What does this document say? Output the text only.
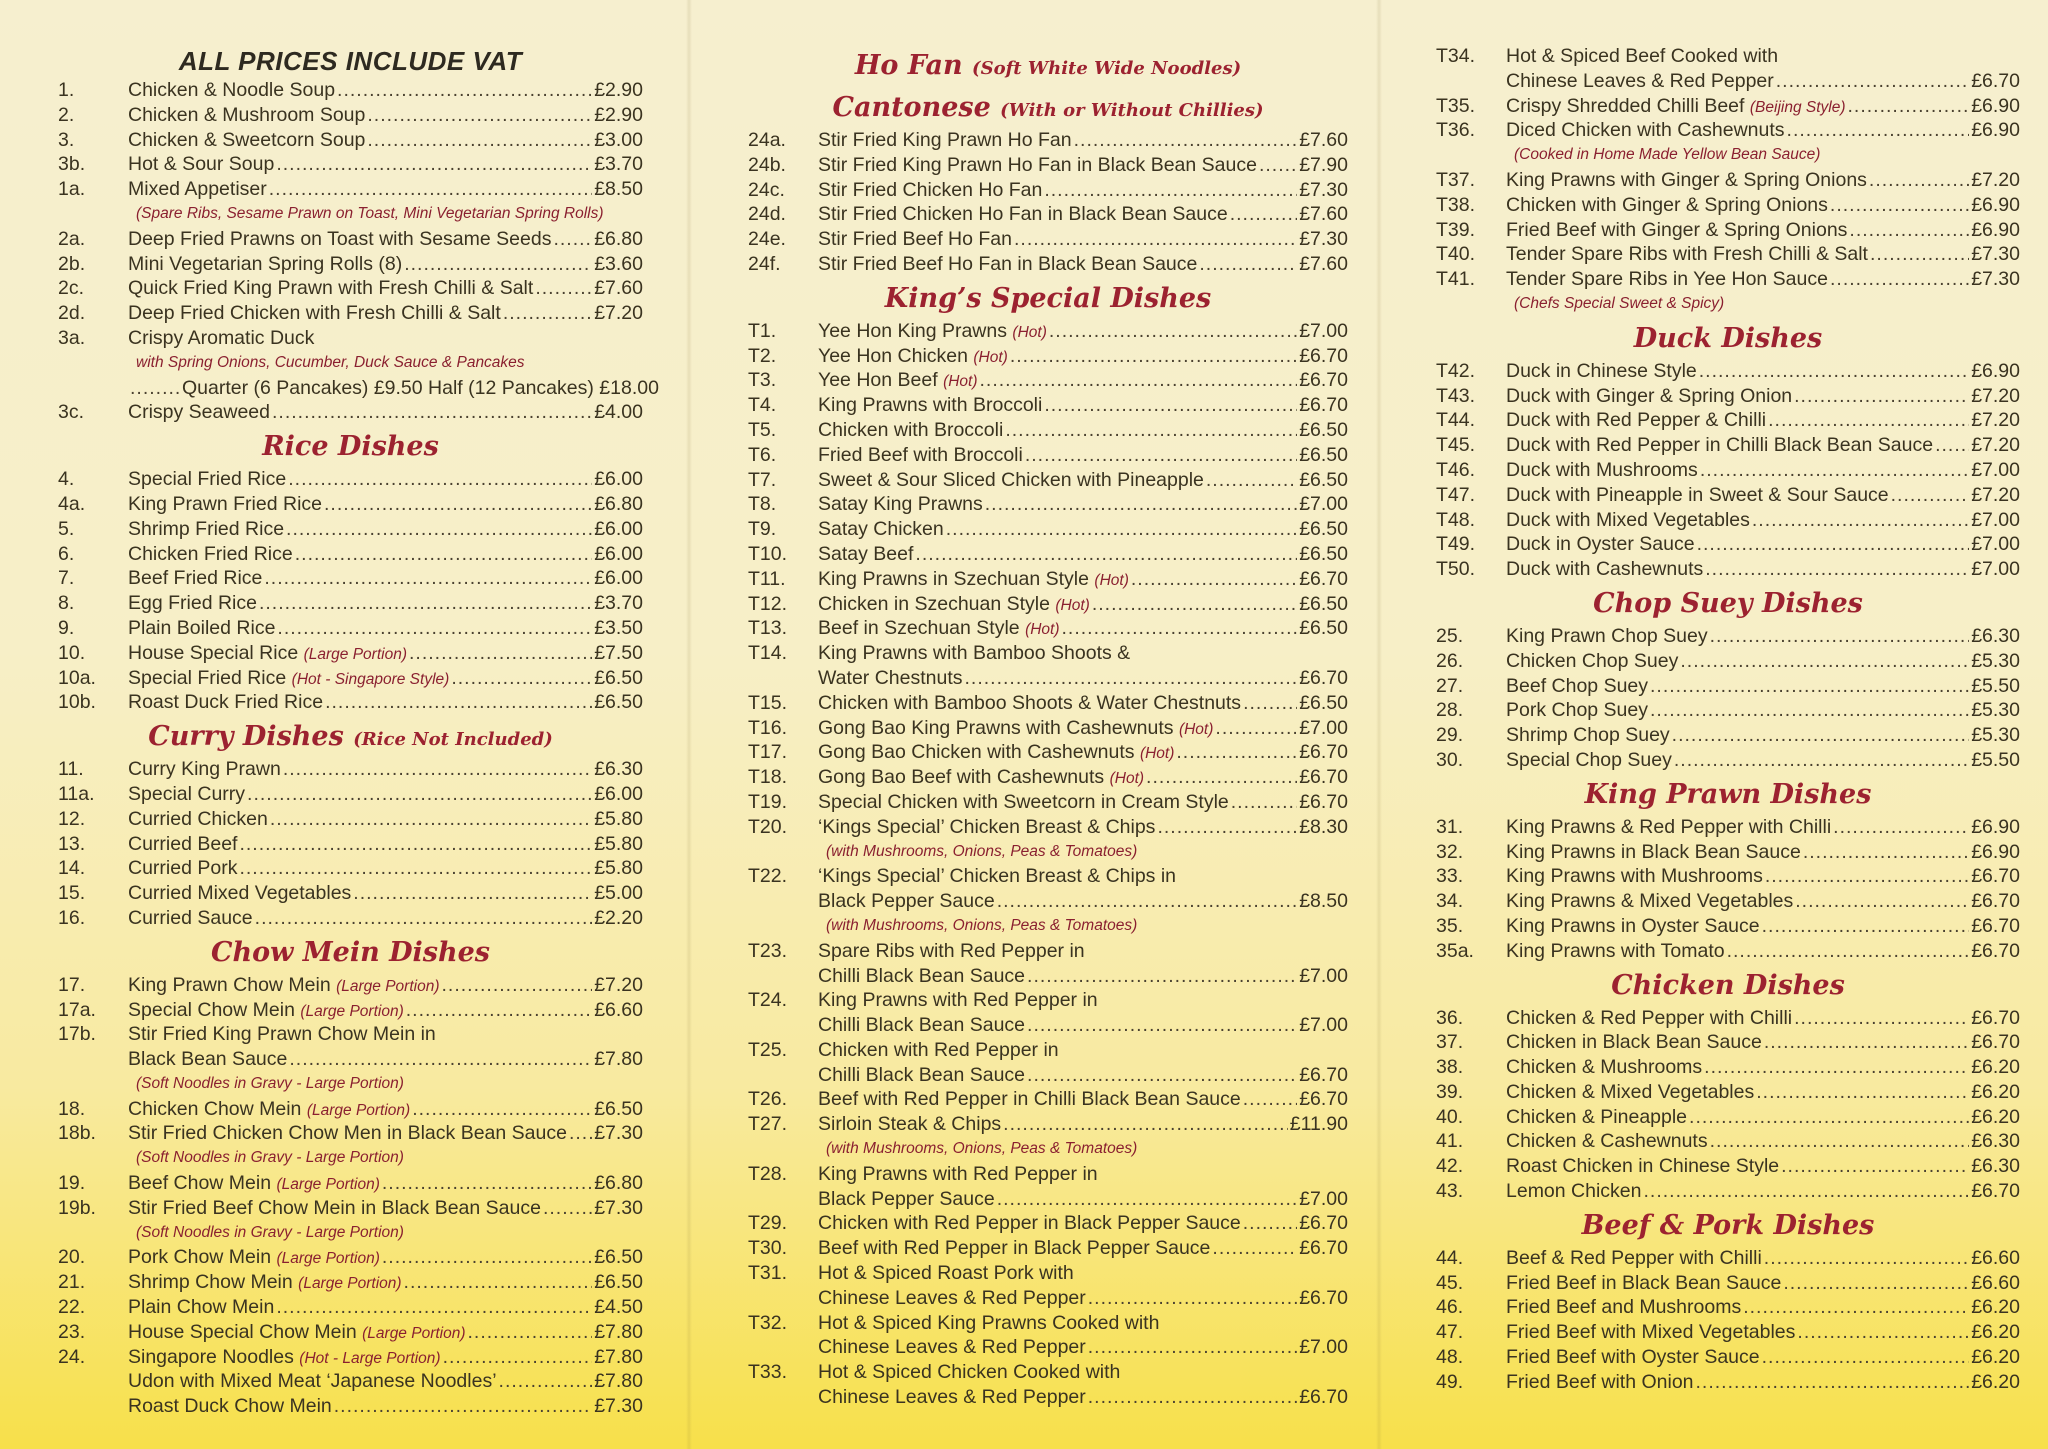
ALL PRICES INCLUDE VAT
1.	Chicken & Noodle Soup .....	£2.90
2.	Chicken & Mushroom Soup .....	£2.90
3.	Chicken & Sweetcorn Soup .....	£3.00
3b.	Hot & Sour Soup .....	£3.70
1a.	Mixed Appetiser .....	£8.50
(Spare Ribs, Sesame Prawn on Toast, Mini Vegetarian Spring Rolls)
2a.	Deep Fried Prawns on Toast with Sesame Seeds ..... £6.80
2b.	Mini Vegetarian Spring Rolls (8) .....	£3.60
2c.	Quick Fried King Prawn with Fresh Chilli & Salt .....	£7.60
2d.	Deep Fried Chicken with Fresh Chilli & Salt .....	£7.20
3a.	Crispy Aromatic Duck
with Spring Onions, Cucumber, Duck Sauce & Pancakes
.....
Quarter (6 Pancakes) £9.50 Half (12 Pancakes) £18.00
3c.	Crispy Seaweed .....	£4.00
Rice Dishes
4.	Special Fried Rice .....	£6.00
4a.	King Prawn Fried Rice .....	£6.80
5.	Shrimp Fried Rice .....	£6.00
6.	Chicken Fried Rice .....	£6.00
7.	Beef Fried Rice .....	£6.00
8.	Egg Fried Rice .....	£3.70
9.	Plain Boiled Rice .....	£3.50
10.	House Special Rice (Large Portion) .....	£7.50
10a.	Special Fried Rice (Hot - Singapore Style) .....	£6.50
10b.	Roast Duck Fried Rice .....	£6.50
Curry Dishes (Rice Not Included)
11.	Curry King Prawn .....	£6.30
11a.	Special Curry .....	£6.00
12.	Curried Chicken .....	£5.80
13.	Curried Beef .....	£5.80
14.	Curried Pork .....	£5.80
15.	Curried Mixed Vegetables .....	£5.00
16.	Curried Sauce .....	£2.20
Chow Mein Dishes
17.	King Prawn Chow Mein (Large Portion) .....	£7.20
17a.	Special Chow Mein (Large Portion) .....	£6.60
17b.	Stir Fried King Prawn Chow Mein in
Black Bean Sauce .....	£7.80
(Soft Noodles in Gravy - Large Portion)
18.	Chicken Chow Mein (Large Portion) .....	£6.50
18b.	Stir Fried Chicken Chow Men in Black Bean Sauce ..... £7.30
(Soft Noodles in Gravy - Large Portion)
19.	Beef Chow Mein (Large Portion) .....	£6.80
19b.	Stir Fried Beef Chow Mein in Black Bean Sauce .....	£7.30
(Soft Noodles in Gravy - Large Portion)
20.	Pork Chow Mein (Large Portion) .....	£6.50
21.	Shrimp Chow Mein (Large Portion) .....	£6.50
22.	Plain Chow Mein .....	£4.50
23.	House Special Chow Mein (Large Portion) .....	£7.80
24.	Singapore Noodles (Hot - Large Portion) .....	£7.80
Udon with Mixed Meat ‘Japanese Noodles’ .....	£7.80
Roast Duck Chow Mein .....	£7.30
Ho Fan (Soft White Wide Noodles)
Cantonese (With or Without Chillies)
24a.	Stir Fried King Prawn Ho Fan .....	£7.60
24b.	Stir Fried King Prawn Ho Fan in Black Bean Sauce ..... £7.90
24c.	Stir Fried Chicken Ho Fan .....	£7.30
24d.	Stir Fried Chicken Ho Fan in Black Bean Sauce .....	£7.60
24e.	Stir Fried Beef Ho Fan .....	£7.30
24f.	Stir Fried Beef Ho Fan in Black Bean Sauce .....	£7.60
King’s Special Dishes
T1.	Yee Hon King Prawns (Hot) .....	£7.00
T2.	Yee Hon Chicken (Hot) .....	£6.70
T3.	Yee Hon Beef (Hot) .....	£6.70
T4.	King Prawns with Broccoli .....	£6.70
T5.	Chicken with Broccoli .....	£6.50
T6.	Fried Beef with Broccoli .....	£6.50
T7.	Sweet & Sour Sliced Chicken with Pineapple .....	£6.50
T8.	Satay King Prawns .....	£7.00
T9.	Satay Chicken .....	£6.50
T10.	Satay Beef .....	£6.50
T11.	King Prawns in Szechuan Style (Hot) .....	£6.70
T12.	Chicken in Szechuan Style (Hot) .....	£6.50
T13.	Beef in Szechuan Style (Hot) .....	£6.50
T14.	King Prawns with Bamboo Shoots &
Water Chestnuts .....	£6.70
T15.	Chicken with Bamboo Shoots & Water Chestnuts .....	£6.50
T16.	Gong Bao King Prawns with Cashewnuts (Hot) .....	£7.00
T17.	Gong Bao Chicken with Cashewnuts (Hot) .....	£6.70
T18.	Gong Bao Beef with Cashewnuts (Hot) .....	£6.70
T19.	Special Chicken with Sweetcorn in Cream Style .....	£6.70
T20.	‘Kings Special’ Chicken Breast & Chips .....	£8.30
(with Mushrooms, Onions, Peas & Tomatoes)
T22.	‘Kings Special’ Chicken Breast & Chips in
Black Pepper Sauce .....	£8.50
(with Mushrooms, Onions, Peas & Tomatoes)
T23.	Spare Ribs with Red Pepper in
Chilli Black Bean Sauce .....	£7.00
T24.	King Prawns with Red Pepper in
Chilli Black Bean Sauce .....	£7.00
T25.	Chicken with Red Pepper in
Chilli Black Bean Sauce .....	£6.70
T26.	Beef with Red Pepper in Chilli Black Bean Sauce .....	£6.70
T27.	Sirloin Steak & Chips .....	£11.90
(with Mushrooms, Onions, Peas & Tomatoes)
T28.	King Prawns with Red Pepper in
Black Pepper Sauce .....	£7.00
T29.	Chicken with Red Pepper in Black Pepper Sauce .....	£6.70
T30.	Beef with Red Pepper in Black Pepper Sauce .....	£6.70
T31.	Hot & Spiced Roast Pork with
Chinese Leaves & Red Pepper .....	£6.70
T32.	Hot & Spiced King Prawns Cooked with
Chinese Leaves & Red Pepper .....	£7.00
T33.	Hot & Spiced Chicken Cooked with
Chinese Leaves & Red Pepper .....	£6.70
T34.	Hot & Spiced Beef Cooked with
Chinese Leaves & Red Pepper .....	£6.70
T35.	Crispy Shredded Chilli Beef (Beijing Style) .....	£6.90
T36.	Diced Chicken with Cashewnuts .....	£6.90
(Cooked in Home Made Yellow Bean Sauce)
T37.	King Prawns with Ginger & Spring Onions .....	£7.20
T38.	Chicken with Ginger & Spring Onions .....	£6.90
T39.	Fried Beef with Ginger & Spring Onions .....	£6.90
T40.	Tender Spare Ribs with Fresh Chilli & Salt .....	£7.30
T41.	Tender Spare Ribs in Yee Hon Sauce .....	£7.30
(Chefs Special Sweet & Spicy)
Duck Dishes
T42.	Duck in Chinese Style .....	£6.90
T43.	Duck with Ginger & Spring Onion .....	£7.20
T44.	Duck with Red Pepper & Chilli .....	£7.20
T45.	Duck with Red Pepper in Chilli Black Bean Sauce ..... £7.20
T46.	Duck with Mushrooms .....	£7.00
T47.	Duck with Pineapple in Sweet & Sour Sauce .....	£7.20
T48.	Duck with Mixed Vegetables .....	£7.00
T49.	Duck in Oyster Sauce .....	£7.00
T50.	Duck with Cashewnuts .....	£7.00
Chop Suey Dishes
25.	King Prawn Chop Suey .....	£6.30
26.	Chicken Chop Suey .....	£5.30
27.	Beef Chop Suey .....	£5.50
28.	Pork Chop Suey .....	£5.30
29.	Shrimp Chop Suey .....	£5.30
30.	Special Chop Suey .....	£5.50
King Prawn Dishes
31.	King Prawns & Red Pepper with Chilli .....	£6.90
32.	King Prawns in Black Bean Sauce .....	£6.90
33.	King Prawns with Mushrooms .....	£6.70
34.	King Prawns & Mixed Vegetables .....	£6.70
35.	King Prawns in Oyster Sauce .....	£6.70
35a.	King Prawns with Tomato .....	£6.70
Chicken Dishes
36.	Chicken & Red Pepper with Chilli .....	£6.70
37.	Chicken in Black Bean Sauce .....	£6.70
38.	Chicken & Mushrooms .....	£6.20
39.	Chicken & Mixed Vegetables .....	£6.20
40.	Chicken & Pineapple .....	£6.20
41.	Chicken & Cashewnuts .....	£6.30
42.	Roast Chicken in Chinese Style .....	£6.30
43.	Lemon Chicken .....	£6.70
Beef & Pork Dishes
44.	Beef & Red Pepper with Chilli .....	£6.60
45.	Fried Beef in Black Bean Sauce .....	£6.60
46.	Fried Beef and Mushrooms .....	£6.20
47.	Fried Beef with Mixed Vegetables .....	£6.20
48.	Fried Beef with Oyster Sauce .....	£6.20
49.	Fried Beef with Onion .....	£6.20
